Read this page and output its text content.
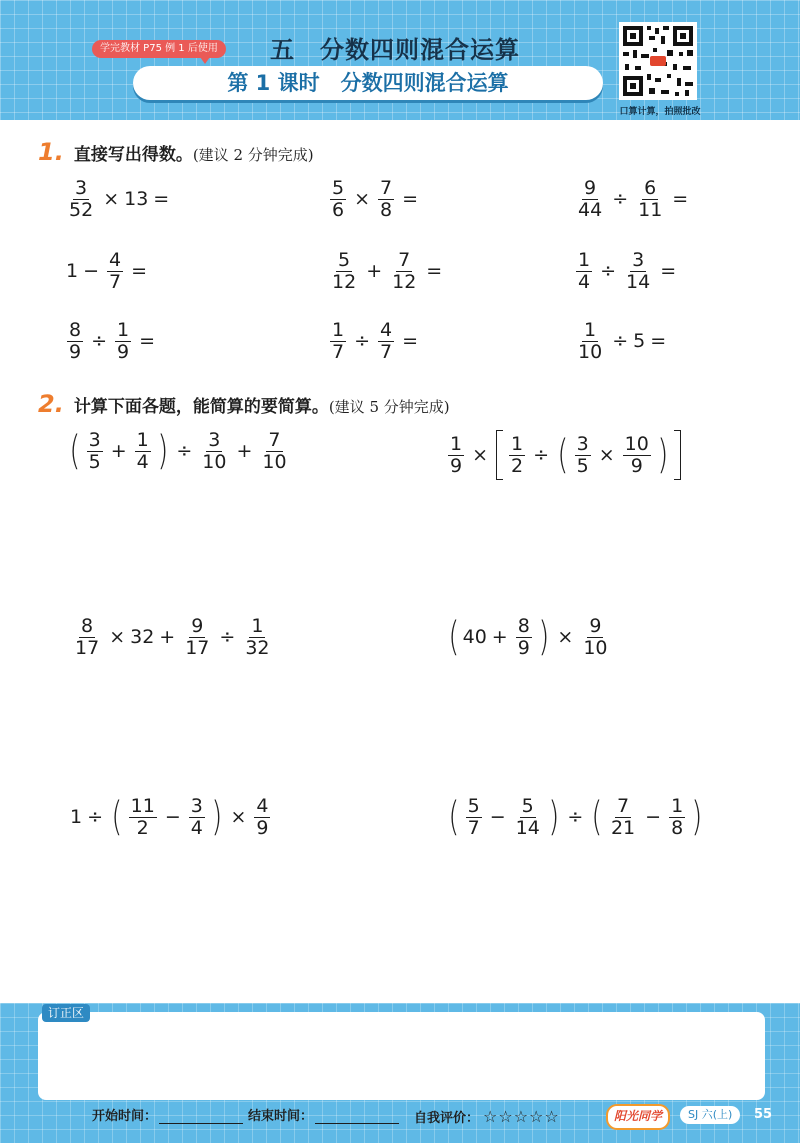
学完教材 P75 例 1 后使用	五　分数四则混合运算
第 1 课时　分数四则混合运算
口算计算，拍照批改
1. 直接写出得数。(建议 2 分钟完成)
$\frac{3}{52} \times 13$ =	$\frac{5}{6} \times \frac{7}{8}$ =	$\frac{9}{44} \div \frac{6}{11}$ =
$1 - \frac{4}{7}$ =	$\frac{5}{12} + \frac{7}{12}$ =	$\frac{1}{4} \div \frac{3}{14}$ =
$\frac{8}{9} \div \frac{1}{9}$ =	$\frac{1}{7} \div \frac{4}{7}$ =	$\frac{1}{10} \div 5$ =
2. 计算下面各题，能简算的要简算。(建议 5 分钟完成)
( $\frac{3}{5} + \frac{1}{4}$ ) ÷ $\frac{3}{10} + \frac{7}{10}$	$\frac{1}{9} \times \frac{1}{2}$ ÷ ( $\frac{3}{5} \times \frac{10}{9}$ )
$\frac{8}{17} \times 32 + \frac{9}{17} \div \frac{1}{32}$	( $40 + \frac{8}{9}$ ) × $\frac{9}{10}$
1 ÷ ( $\frac{11}{2} - \frac{3}{4}$ ) × $\frac{4}{9}$	( $\frac{5}{7} - \frac{5}{14}$ ) ÷ ( $\frac{7}{21} - \frac{1}{8}$ )
订正区
开始时间：	结束时间：	自我评价： ☆☆☆☆☆	阳光同学	SJ 六(上)	55
